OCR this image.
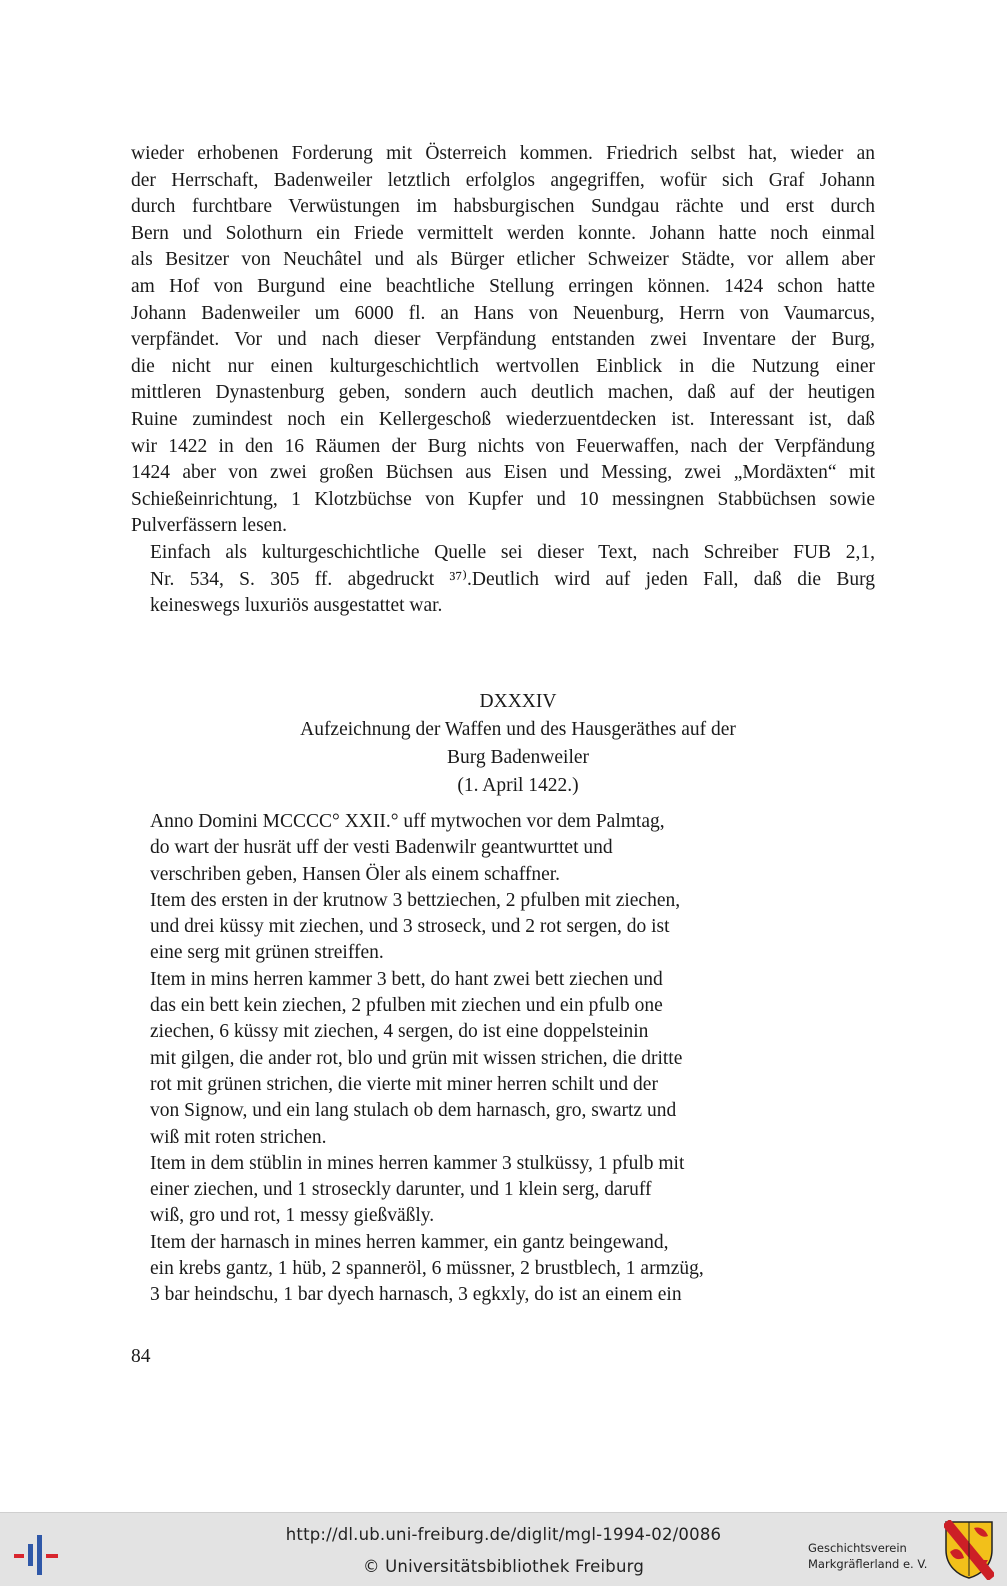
wieder erhobenen Forderung mit Österreich kommen. Friedrich selbst hat, wieder an
der Herrschaft, Badenweiler letztlich erfolglos angegriffen, wofür sich Graf Johann
durch furchtbare Verwüstungen im habsburgischen Sundgau rächte und erst durch
Bern und Solothurn ein Friede vermittelt werden konnte. Johann hatte noch einmal
als Besitzer von Neuchâtel und als Bürger etlicher Schweizer Städte, vor allem aber
am Hof von Burgund eine beachtliche Stellung erringen können. 1424 schon hatte
Johann Badenweiler um 6000 fl. an Hans von Neuenburg, Herrn von Vaumarcus,
verpfändet. Vor und nach dieser Verpfändung entstanden zwei Inventare der Burg,
die nicht nur einen kulturgeschichtlich wertvollen Einblick in die Nutzung einer
mittleren Dynastenburg geben, sondern auch deutlich machen, daß auf der heutigen
Ruine zumindest noch ein Kellergeschoß wiederzuentdecken ist. Interessant ist, daß
wir 1422 in den 16 Räumen der Burg nichts von Feuerwaffen, nach der Verpfändung
1424 aber von zwei großen Büchsen aus Eisen und Messing, zwei „Mordäxten“ mit
Schießeinrichtung, 1 Klotzbüchse von Kupfer und 10 messingnen Stabbüchsen sowie
Pulverfässern lesen.

Einfach als kulturgeschichtliche Quelle sei dieser Text, nach Schreiber FUB 2,1,
Nr. 534, S. 305 ff. abgedruckt ³⁷⁾.Deutlich wird auf jeden Fall, daß die Burg
keineswegs luxuriös ausgestattet war.

DXXXIV
Aufzeichnung der Waffen und des Hausgeräthes auf der
Burg Badenweiler
(1. April 1422.)
Anno Domini MCCCC° XXII.° uff mytwochen vor dem Palmtag,
do wart der husrät uff der vesti Badenwilr geantwurttet und
verschriben geben, Hansen Öler als einem schaffner.
Item des ersten in der krutnow 3 bettziechen, 2 pfulben mit ziechen,
und drei küssy mit ziechen, und 3 stroseck, und 2 rot sergen, do ist
eine serg mit grünen streiffen.
Item in mins herren kammer 3 bett, do hant zwei bett ziechen und
das ein bett kein ziechen, 2 pfulben mit ziechen und ein pfulb one
ziechen, 6 küssy mit ziechen, 4 sergen, do ist eine doppelsteinin
mit gilgen, die ander rot, blo und grün mit wissen strichen, die dritte
rot mit grünen strichen, die vierte mit miner herren schilt und der
von Signow, und ein lang stulach ob dem harnasch, gro, swartz und
wiß mit roten strichen.
Item in dem stüblin in mines herren kammer 3 stulküssy, 1 pfulb mit
einer ziechen, und 1 stroseckly darunter, und 1 klein serg, daruff
wiß, gro und rot, 1 messy gießväßly.
Item der harnasch in mines herren kammer, ein gantz beingewand,
ein krebs gantz, 1 hüb, 2 spanneröl, 6 müssner, 2 brustblech, 1 armzüg,
3 bar heindschu, 1 bar dyech harnasch, 3 egkxly, do ist an einem ein
84
http://dl.ub.uni-freiburg.de/diglit/mgl-1994-02/0086
© Universitätsbibliothek Freiburg
Geschichtsverein
Markgräflerland e. V.
